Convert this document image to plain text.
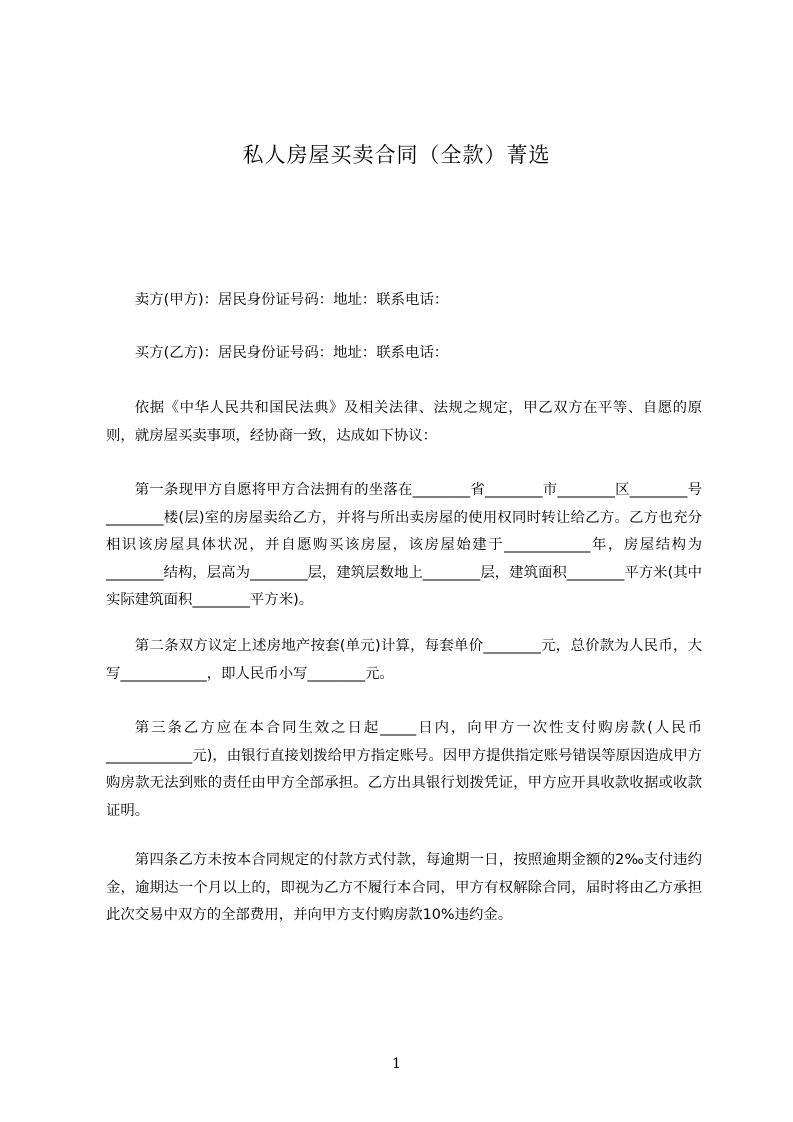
私人房屋买卖合同（全款）菁选

卖方(甲方)：居民身份证号码：地址：联系电话：

买方(乙方)：居民身份证号码：地址：联系电话：

依据《中华人民共和国民法典》及相关法律、法规之规定，甲乙双方在平等、自愿的原则，就房屋买卖事项，经协商一致，达成如下协议：

第一条现甲方自愿将甲方合法拥有的坐落在________省________市________区________号________楼(层)室的房屋卖给乙方，并将与所出卖房屋的使用权同时转让给乙方。乙方也充分相识该房屋具体状况，并自愿购买该房屋，该房屋始建于____________年，房屋结构为________结构，层高为________层，建筑层数地上________层，建筑面积________平方米(其中实际建筑面积________平方米)。

第二条双方议定上述房地产按套(单元)计算，每套单价________元，总价款为人民币，大写____________，即人民币小写________元。

第三条乙方应在本合同生效之日起_____日内，向甲方一次性支付购房款(人民币____________元)，由银行直接划拨给甲方指定账号。因甲方提供指定账号错误等原因造成甲方购房款无法到账的责任由甲方全部承担。乙方出具银行划拨凭证，甲方应开具收款收据或收款证明。

第四条乙方未按本合同规定的付款方式付款，每逾期一日，按照逾期金额的2‰支付违约金，逾期达一个月以上的，即视为乙方不履行本合同，甲方有权解除合同，届时将由乙方承担此次交易中双方的全部费用，并向甲方支付购房款10%违约金。

1
